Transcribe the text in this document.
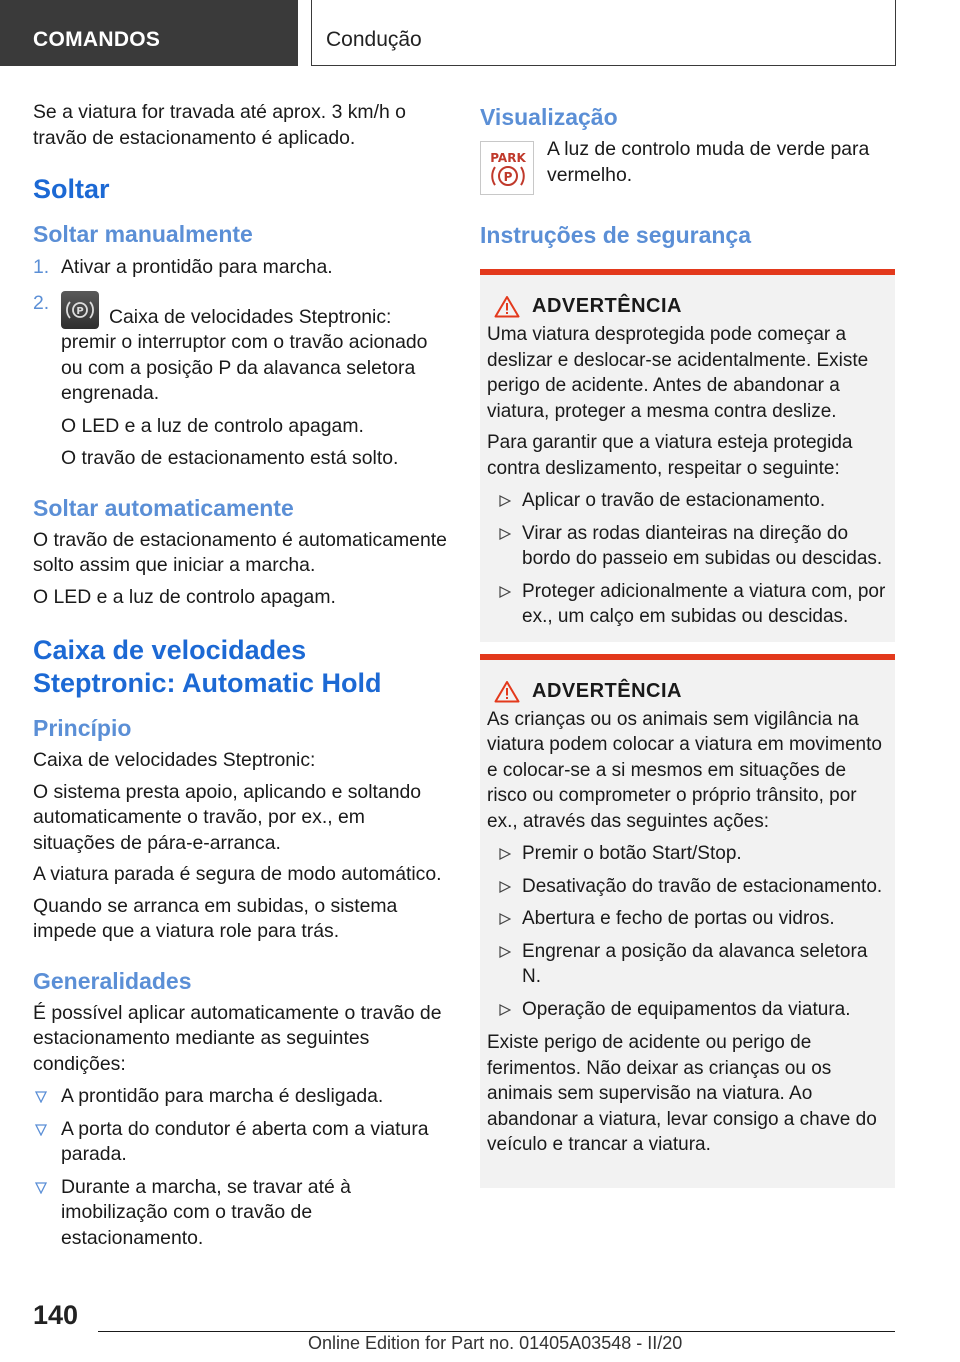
COMANDOS	Condução
Se a viatura for travada até aprox. 3 km/h o travão de estacionamento é aplicado.
Soltar
Soltar manualmente
1. Ativar a prontidão para marcha.
2.	P Caixa de velocidades Steptronic: premir o interruptor com o travão acionado ou com a posição P da alavanca seletora engrenada.
O LED e a luz de controlo apagam.
O travão de estacionamento está solto.
Soltar automaticamente
O travão de estacionamento é automaticamente solto assim que iniciar a marcha.
O LED e a luz de controlo apagam.
Caixa de velocidades Steptronic: Automatic Hold
Princípio
Caixa de velocidades Steptronic:
O sistema presta apoio, aplicando e soltando automaticamente o travão, por ex., em situações de pára-e-arranca.
A viatura parada é segura de modo automático.
Quando se arranca em subidas, o sistema impede que a viatura role para trás.
Generalidades
É possível aplicar automaticamente o travão de estacionamento mediante as seguintes condições:
A prontidão para marcha é desligada.
A porta do condutor é aberta com a viatura parada.
Durante a marcha, se travar até à imobilização com o travão de estacionamento.
Visualização
PARK
P
A luz de controlo muda de verde para vermelho.
Instruções de segurança
ADVERTÊNCIA
Uma viatura desprotegida pode começar a deslizar e deslocar-se acidentalmente. Existe perigo de acidente. Antes de abandonar a viatura, proteger a mesma contra deslize.
Para garantir que a viatura esteja protegida contra deslizamento, respeitar o seguinte:
Aplicar o travão de estacionamento.
Virar as rodas dianteiras na direção do bordo do passeio em subidas ou descidas.
Proteger adicionalmente a viatura com, por ex., um calço em subidas ou descidas.
ADVERTÊNCIA
As crianças ou os animais sem vigilância na viatura podem colocar a viatura em movimento e colocar-se a si mesmos em situações de risco ou comprometer o próprio trânsito, por ex., através das seguintes ações:
Premir o botão Start/Stop.
Desativação do travão de estacionamento.
Abertura e fecho de portas ou vidros.
Engrenar a posição da alavanca seletora N.
Operação de equipamentos da viatura.
Existe perigo de acidente ou perigo de ferimentos. Não deixar as crianças ou os animais sem supervisão na viatura. Ao abandonar a viatura, levar consigo a chave do veículo e trancar a viatura.
140
Online Edition for Part no. 01405A03548 - II/20
